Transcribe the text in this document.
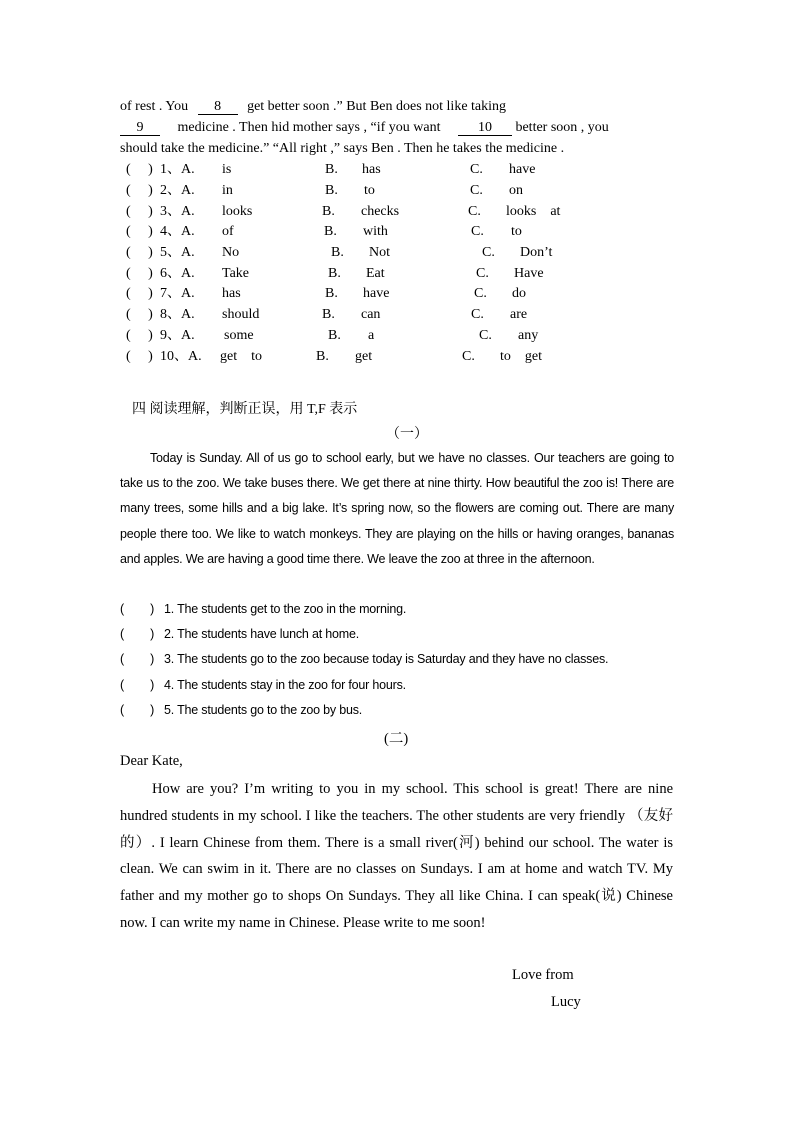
of rest . You 8 get better soon .” But Ben does not like taking
9 medicine . Then hid mother says , “if you want	10 better soon , you
should take the medicine.” “All right ,” says Ben . Then he takes the medicine .
(     ) 1、A. is	B. has	C. have
(     ) 2、A. in	B. to	C. on
(     ) 3、A. looks	B. checks	C. looks    at
(     ) 4、A. of	B. with	C. to
(     ) 5、A. No	B. Not	C. Don’t
(     ) 6、A. Take	B. Eat	C. Have
(     ) 7、A. has	B. have	C. do
(     ) 8、A. should	B. can	C. are
(     ) 9、A. some	B. a	C. any
(     ) 10、A. get    to	B. get	C. to    get
四 阅读理解，判断正误，用 T,F 表示
（一）
Today is Sunday. All of us go to school early, but we have no classes. Our teachers are going to take us to the zoo. We take buses there. We get there at nine thirty. How beautiful the zoo is! There are many trees, some hills and a big lake. It’s spring now, so the flowers are coming out. There are many people there too. We like to watch monkeys. They are playing on the hills or having oranges, bananas and apples. We are having a good time there. We leave the zoo at three in the afternoon.
(        ) 1. The students get to the zoo in the morning.
(        ) 2. The students have lunch at home.
(        ) 3. The students go to the zoo because today is Saturday and they have no classes.
(        ) 4. The students stay in the zoo for four hours.
(        ) 5. The students go to the zoo by bus.
(二)
Dear Kate,
How are you? I’m writing to you in my school. This school is great! There are nine hundred students in my school. I like the teachers. The other students are very friendly （友好的）. I learn Chinese from them. There is a small river(河) behind our school. The water is clean. We can swim in it. There are no classes on Sundays. I am at home and watch TV. My father and my mother go to shops On Sundays. They all like China. I can speak(说) Chinese now. I can write my name in Chinese. Please write to me soon!
Love from
Lucy
